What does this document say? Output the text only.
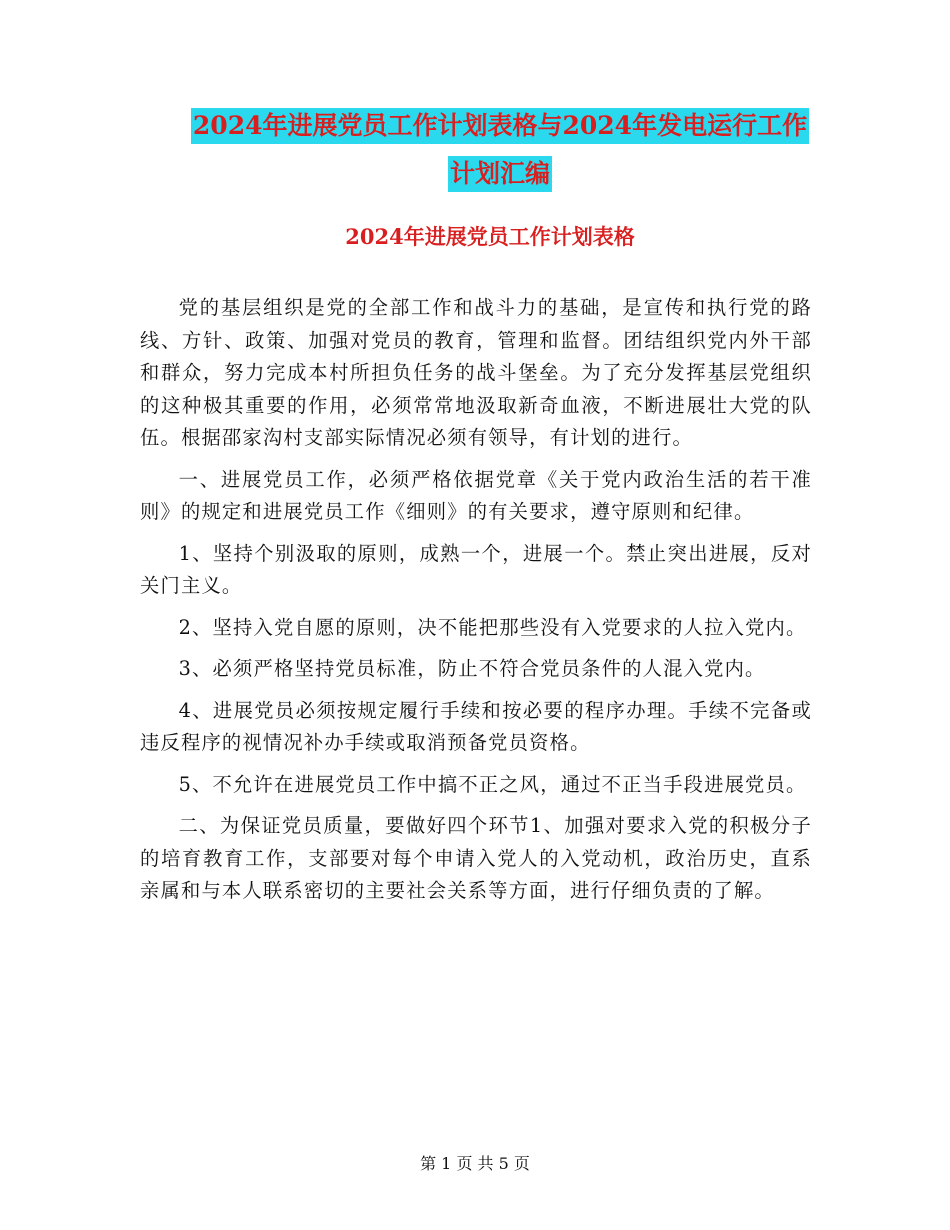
2024年进展党员工作计划表格与2024年发电运行工作
计划汇编
2024年进展党员工作计划表格

党的基层组织是党的全部工作和战斗力的基础，是宣传和执行党的路线、方针、政策、加强对党员的教育，管理和监督。团结组织党内外干部和群众，努力完成本村所担负任务的战斗堡垒。为了充分发挥基层党组织的这种极其重要的作用，必须常常地汲取新奇血液，不断进展壮大党的队伍。根据邵家沟村支部实际情况必须有领导，有计划的进行。

一、进展党员工作，必须严格依据党章《关于党内政治生活的若干准则》的规定和进展党员工作《细则》的有关要求，遵守原则和纪律。

1、坚持个别汲取的原则，成熟一个，进展一个。禁止突出进展，反对关门主义。

2、坚持入党自愿的原则，决不能把那些没有入党要求的人拉入党内。

3、必须严格坚持党员标准，防止不符合党员条件的人混入党内。

4、进展党员必须按规定履行手续和按必要的程序办理。手续不完备或违反程序的视情况补办手续或取消预备党员资格。

5、不允许在进展党员工作中搞不正之风，通过不正当手段进展党员。

二、为保证党员质量，要做好四个环节1、加强对要求入党的积极分子的培育教育工作，支部要对每个申请入党人的入党动机，政治历史，直系亲属和与本人联系密切的主要社会关系等方面，进行仔细负责的了解。

第 1 页 共 5 页
